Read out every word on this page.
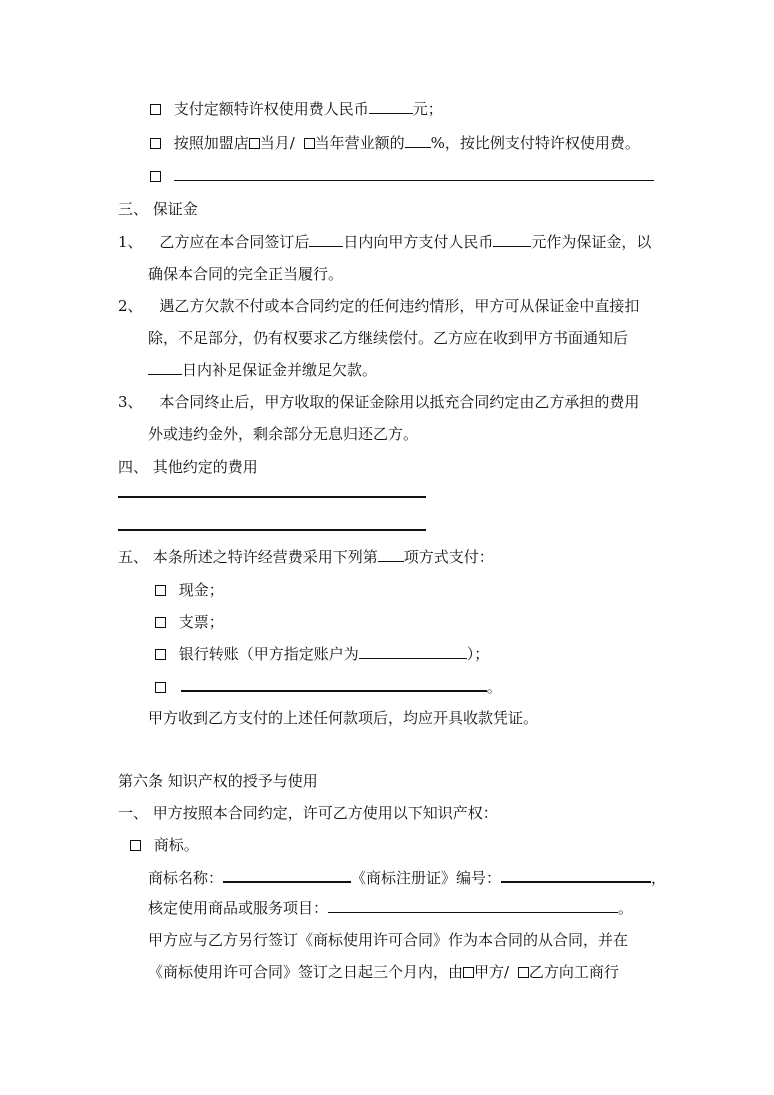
支付定额特许权使用费人民币	元；
按照加盟店 当月/ 当年营业额的 %，按比例支付特许权使用费。

三、 保证金
1、 乙方应在本合同签订后 日内向甲方支付人民币	元作为保证金，以
确保本合同的完全正当履行。
2、 遇乙方欠款不付或本合同约定的任何违约情形，甲方可从保证金中直接扣
除，不足部分，仍有权要求乙方继续偿付。乙方应在收到甲方书面通知后
日内补足保证金并缴足欠款。
3、 本合同终止后，甲方收取的保证金除用以抵充合同约定由乙方承担的费用
外或违约金外，剩余部分无息归还乙方。
四、 其他约定的费用
五、 本条所述之特许经营费采用下列第 项方式支付：
现金；
支票；
银行转账（甲方指定账户为	）；
。
甲方收到乙方支付的上述任何款项后，均应开具收款凭证。
第六条 知识产权的授予与使用
一、 甲方按照本合同约定，许可乙方使用以下知识产权：
商标。
商标名称：	《商标注册证》编号：	，
核定使用商品或服务项目：	。
甲方应与乙方另行签订《商标使用许可合同》作为本合同的从合同，并在
《商标使用许可合同》签订之日起三个月内，由 甲方/ 乙方向工商行
